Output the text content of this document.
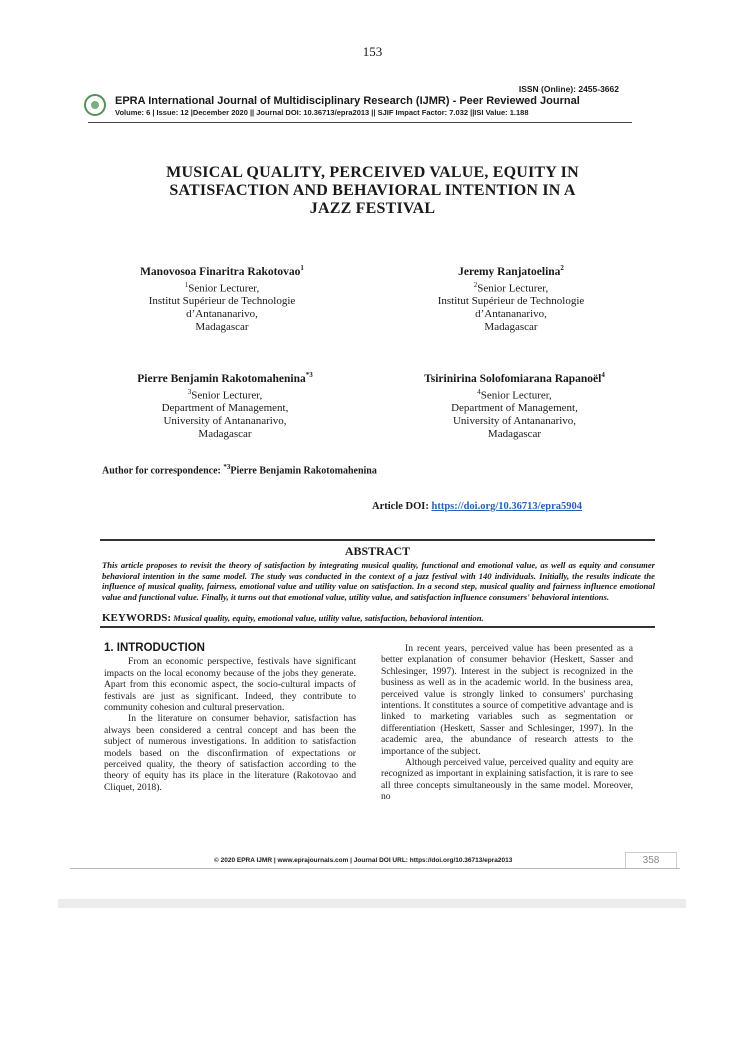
153
ISSN (Online): 2455-3662
EPRA International Journal of Multidisciplinary Research (IJMR) - Peer Reviewed Journal
Volume: 6 | Issue: 12 |December 2020 || Journal DOI: 10.36713/epra2013 || SJIF Impact Factor: 7.032 ||ISI Value: 1.188
MUSICAL QUALITY, PERCEIVED VALUE, EQUITY IN
SATISFACTION AND BEHAVIORAL INTENTION IN A
JAZZ FESTIVAL
Manovosoa Finaritra Rakotovao$^1$
$^1$Senior Lecturer,
Institut Supérieur de Technologie
d’Antananarivo,
Madagascar
Jeremy Ranjatoelina$^2$
$^2$Senior Lecturer,
Institut Supérieur de Technologie
d’Antananarivo,
Madagascar
Pierre Benjamin Rakotomahenina$^{*3}$
$^3$Senior Lecturer,
Department of Management,
University of Antananarivo,
Madagascar
Tsirinirina Solofomiarana Rapanoël$^4$
$^4$Senior Lecturer,
Department of Management,
University of Antananarivo,
Madagascar
Author for correspondence: $^{*3}$Pierre Benjamin Rakotomahenina
Article DOI: https://doi.org/10.36713/epra5904
ABSTRACT
This article proposes to revisit the theory of satisfaction by integrating musical quality, functional and emotional value, as well as equity and consumer behavioral intention in the same model. The study was conducted in the context of a jazz festival with 140 individuals. Initially, the results indicate the influence of musical quality, fairness, emotional value and utility value on satisfaction. In a second step, musical quality and fairness influence emotional value and functional value. Finally, it turns out that emotional value, utility value, and satisfaction influence consumers' behavioral intentions.
KEYWORDS: Musical quality, equity, emotional value, utility value, satisfaction, behavioral intention.
1. INTRODUCTION

From an economic perspective, festivals have significant impacts on the local economy because of the jobs they generate. Apart from this economic aspect, the socio-cultural impacts of festivals are just as significant. Indeed, they contribute to community cohesion and cultural preservation.

In the literature on consumer behavior, satisfaction has always been considered a central concept and has been the subject of numerous investigations. In addition to satisfaction models based on the disconfirmation of expectations or perceived quality, the theory of satisfaction according to the theory of equity has its place in the literature (Rakotovao and Cliquet, 2018).

In recent years, perceived value has been presented as a better explanation of consumer behavior (Heskett, Sasser and Schlesinger, 1997). Interest in the subject is recognized in the business as well as in the academic world. In the business area, perceived value is strongly linked to consumers' purchasing intentions. It constitutes a source of competitive advantage and is linked to marketing variables such as segmentation or differentiation (Heskett, Sasser and Schlesinger, 1997). In the academic area, the abundance of research attests to the importance of the subject.

Although perceived value, perceived quality and equity are recognized as important in explaining satisfaction, it is rare to see all three concepts simultaneously in the same model. Moreover, no

© 2020 EPRA IJMR | www.eprajournals.com | Journal DOI URL: https://doi.org/10.36713/epra2013	358
